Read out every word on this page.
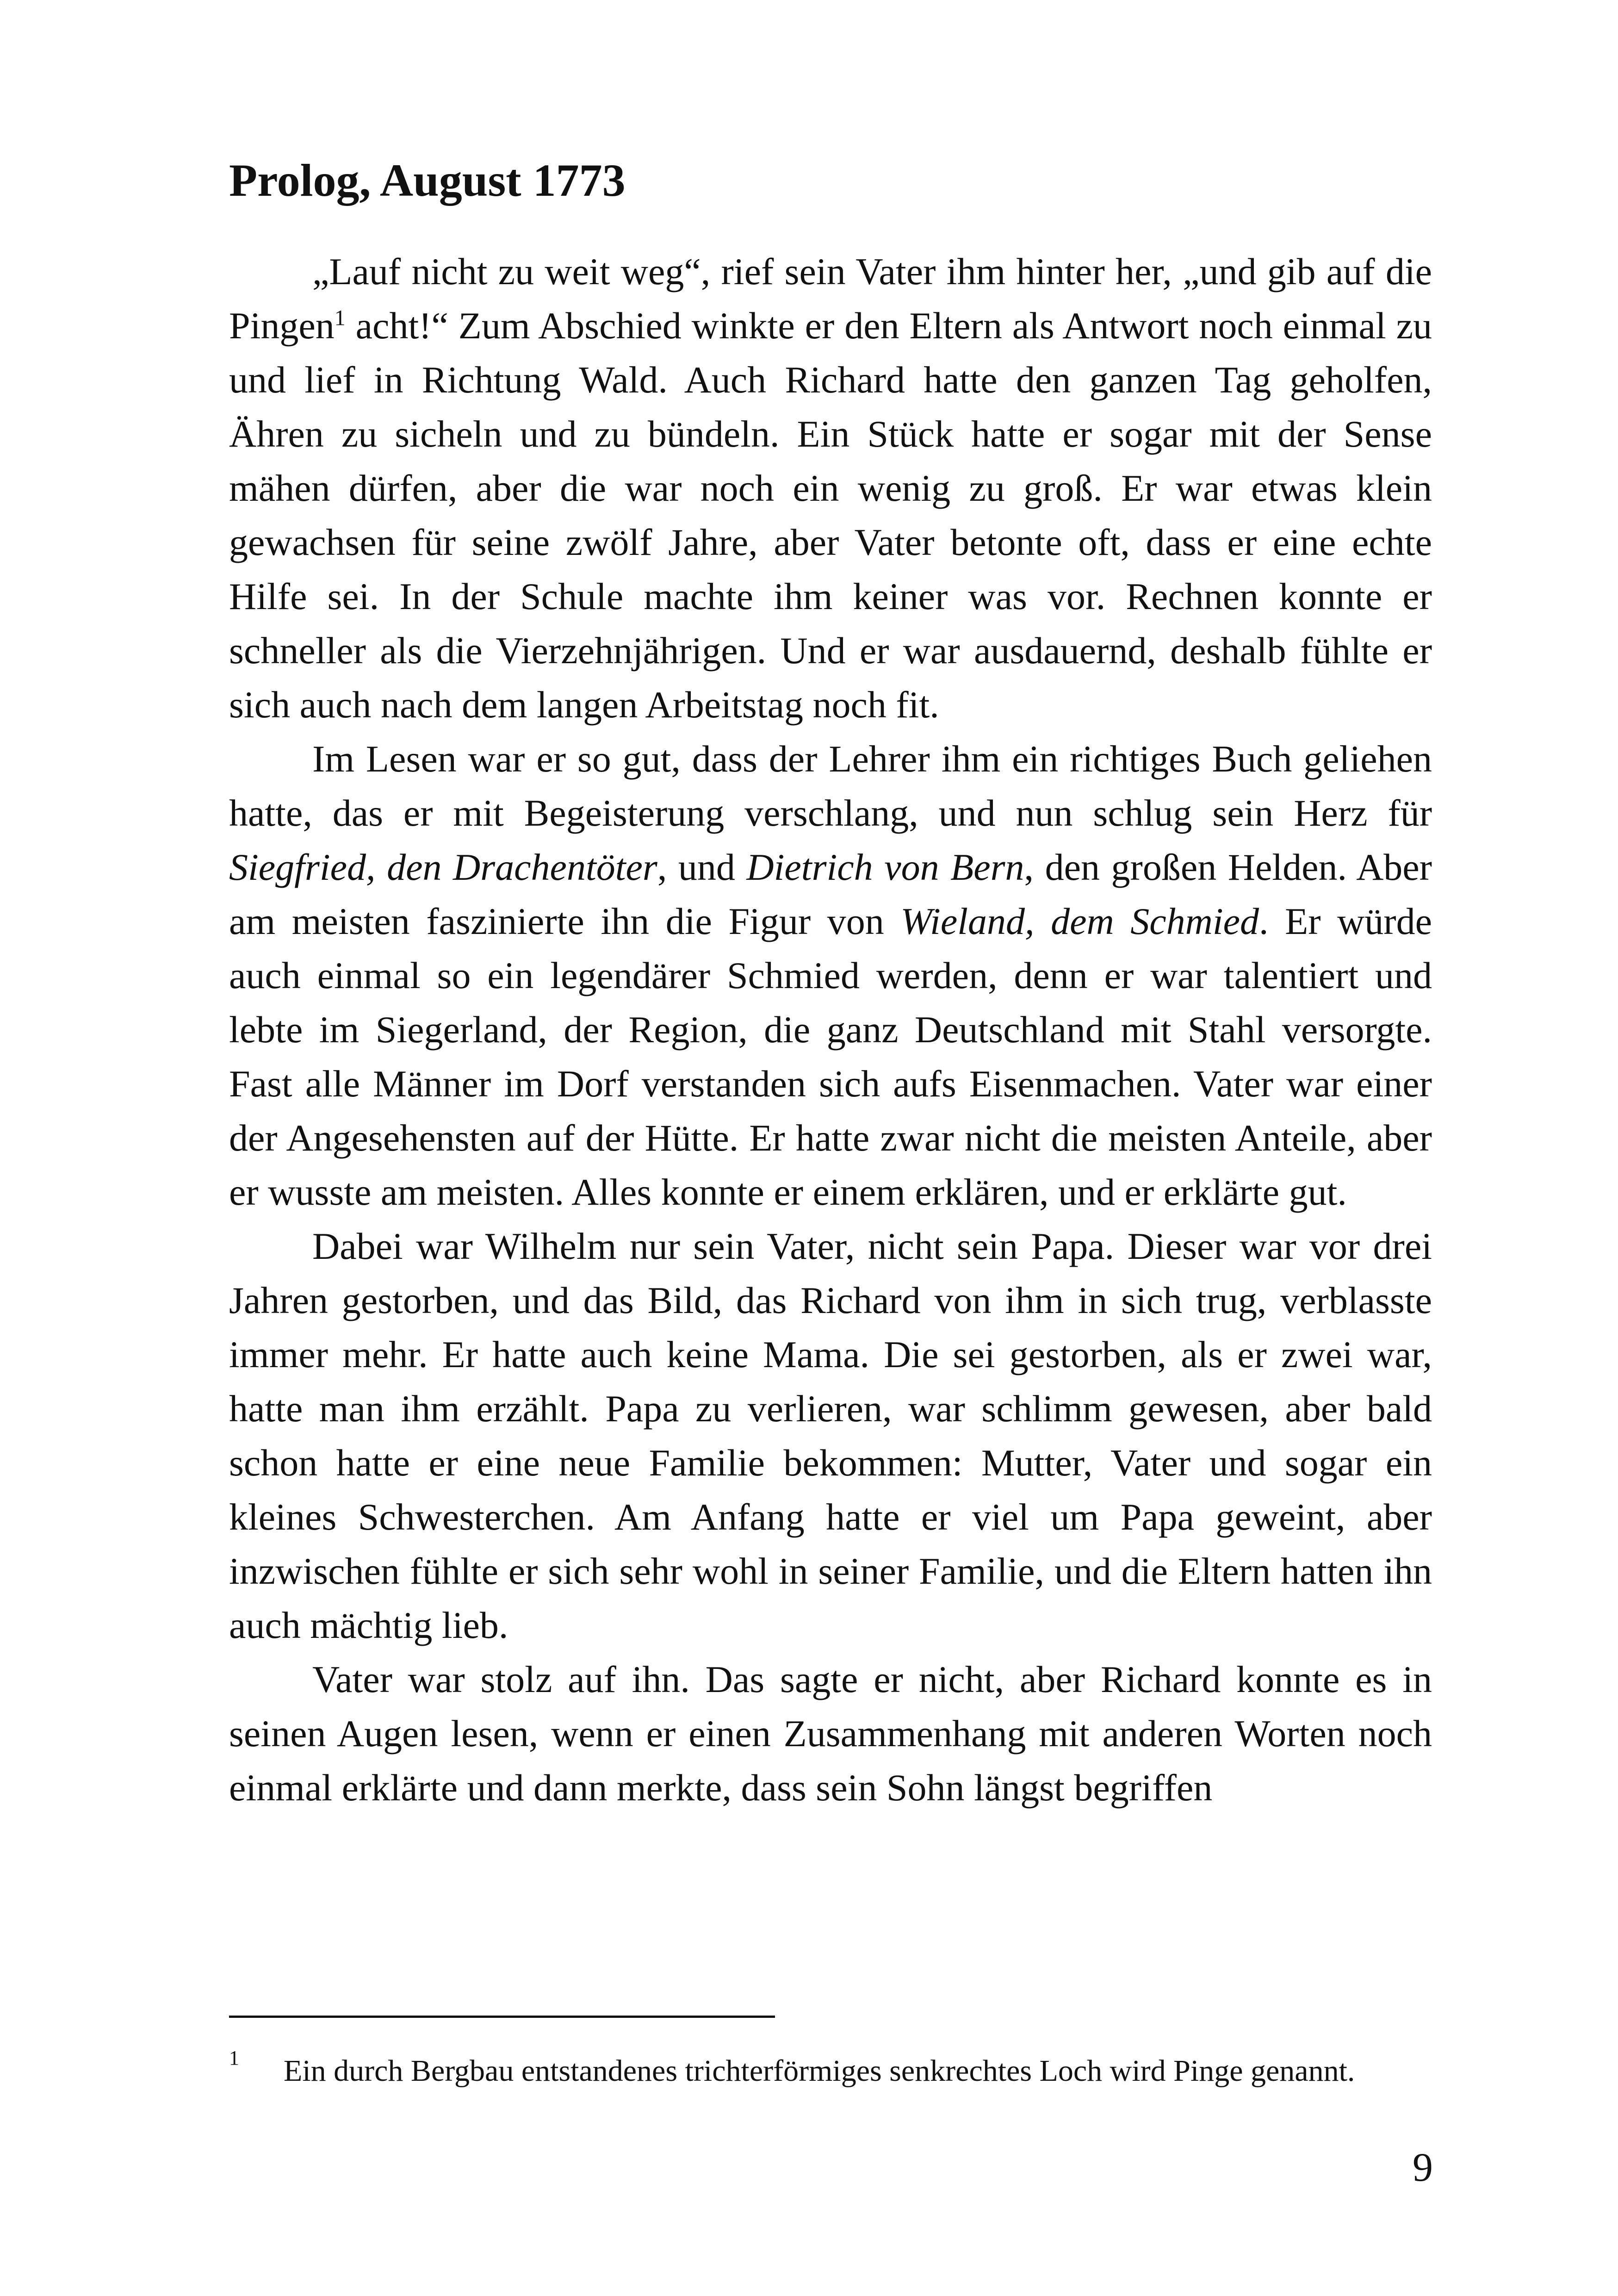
Prolog, August 1773

„Lauf nicht zu weit weg“, rief sein Vater ihm hinter her, „und gib auf die Pingen$^1$ acht!“ Zum Abschied winkte er den Eltern als Antwort noch einmal zu und lief in Richtung Wald. Auch Richard hatte den ganzen Tag geholfen, Ähren zu sicheln und zu bündeln. Ein Stück hatte er sogar mit der Sense mähen dürfen, aber die war noch ein wenig zu groß. Er war etwas klein gewachsen für seine zwölf Jahre, aber Vater betonte oft, dass er eine echte Hilfe sei. In der Schule machte ihm keiner was vor. Rechnen konnte er schneller als die Vierzehnjährigen. Und er war ausdauernd, deshalb fühlte er sich auch nach dem langen Arbeitstag noch fit.

Im Lesen war er so gut, dass der Lehrer ihm ein richtiges Buch geliehen hatte, das er mit Begeisterung verschlang, und nun schlug sein Herz für Siegfried, den Drachentöter, und Dietrich von Bern, den großen Helden. Aber am meisten faszinierte ihn die Figur von Wieland, dem Schmied. Er würde auch einmal so ein legendärer Schmied werden, denn er war talentiert und lebte im Siegerland, der Region, die ganz Deutschland mit Stahl versorgte. Fast alle Männer im Dorf verstanden sich aufs Eisenmachen. Vater war einer der Angesehensten auf der Hütte. Er hatte zwar nicht die meisten Anteile, aber er wusste am meisten. Alles konnte er einem erklären, und er erklärte gut.

Dabei war Wilhelm nur sein Vater, nicht sein Papa. Dieser war vor drei Jahren gestorben, und das Bild, das Richard von ihm in sich trug, verblasste immer mehr. Er hatte auch keine Mama. Die sei gestorben, als er zwei war, hatte man ihm erzählt. Papa zu verlieren, war schlimm gewesen, aber bald schon hatte er eine neue Familie bekommen: Mutter, Vater und sogar ein kleines Schwesterchen. Am Anfang hatte er viel um Papa geweint, aber inzwischen fühlte er sich sehr wohl in seiner Familie, und die Eltern hatten ihn auch mächtig lieb.

Vater war stolz auf ihn. Das sagte er nicht, aber Richard konnte es in seinen Augen lesen, wenn er einen Zusammenhang mit anderen Worten noch einmal erklärte und dann merkte, dass sein Sohn längst begriffen

1 Ein durch Bergbau entstandenes trichterförmiges senkrechtes Loch wird Pinge genannt.
9
